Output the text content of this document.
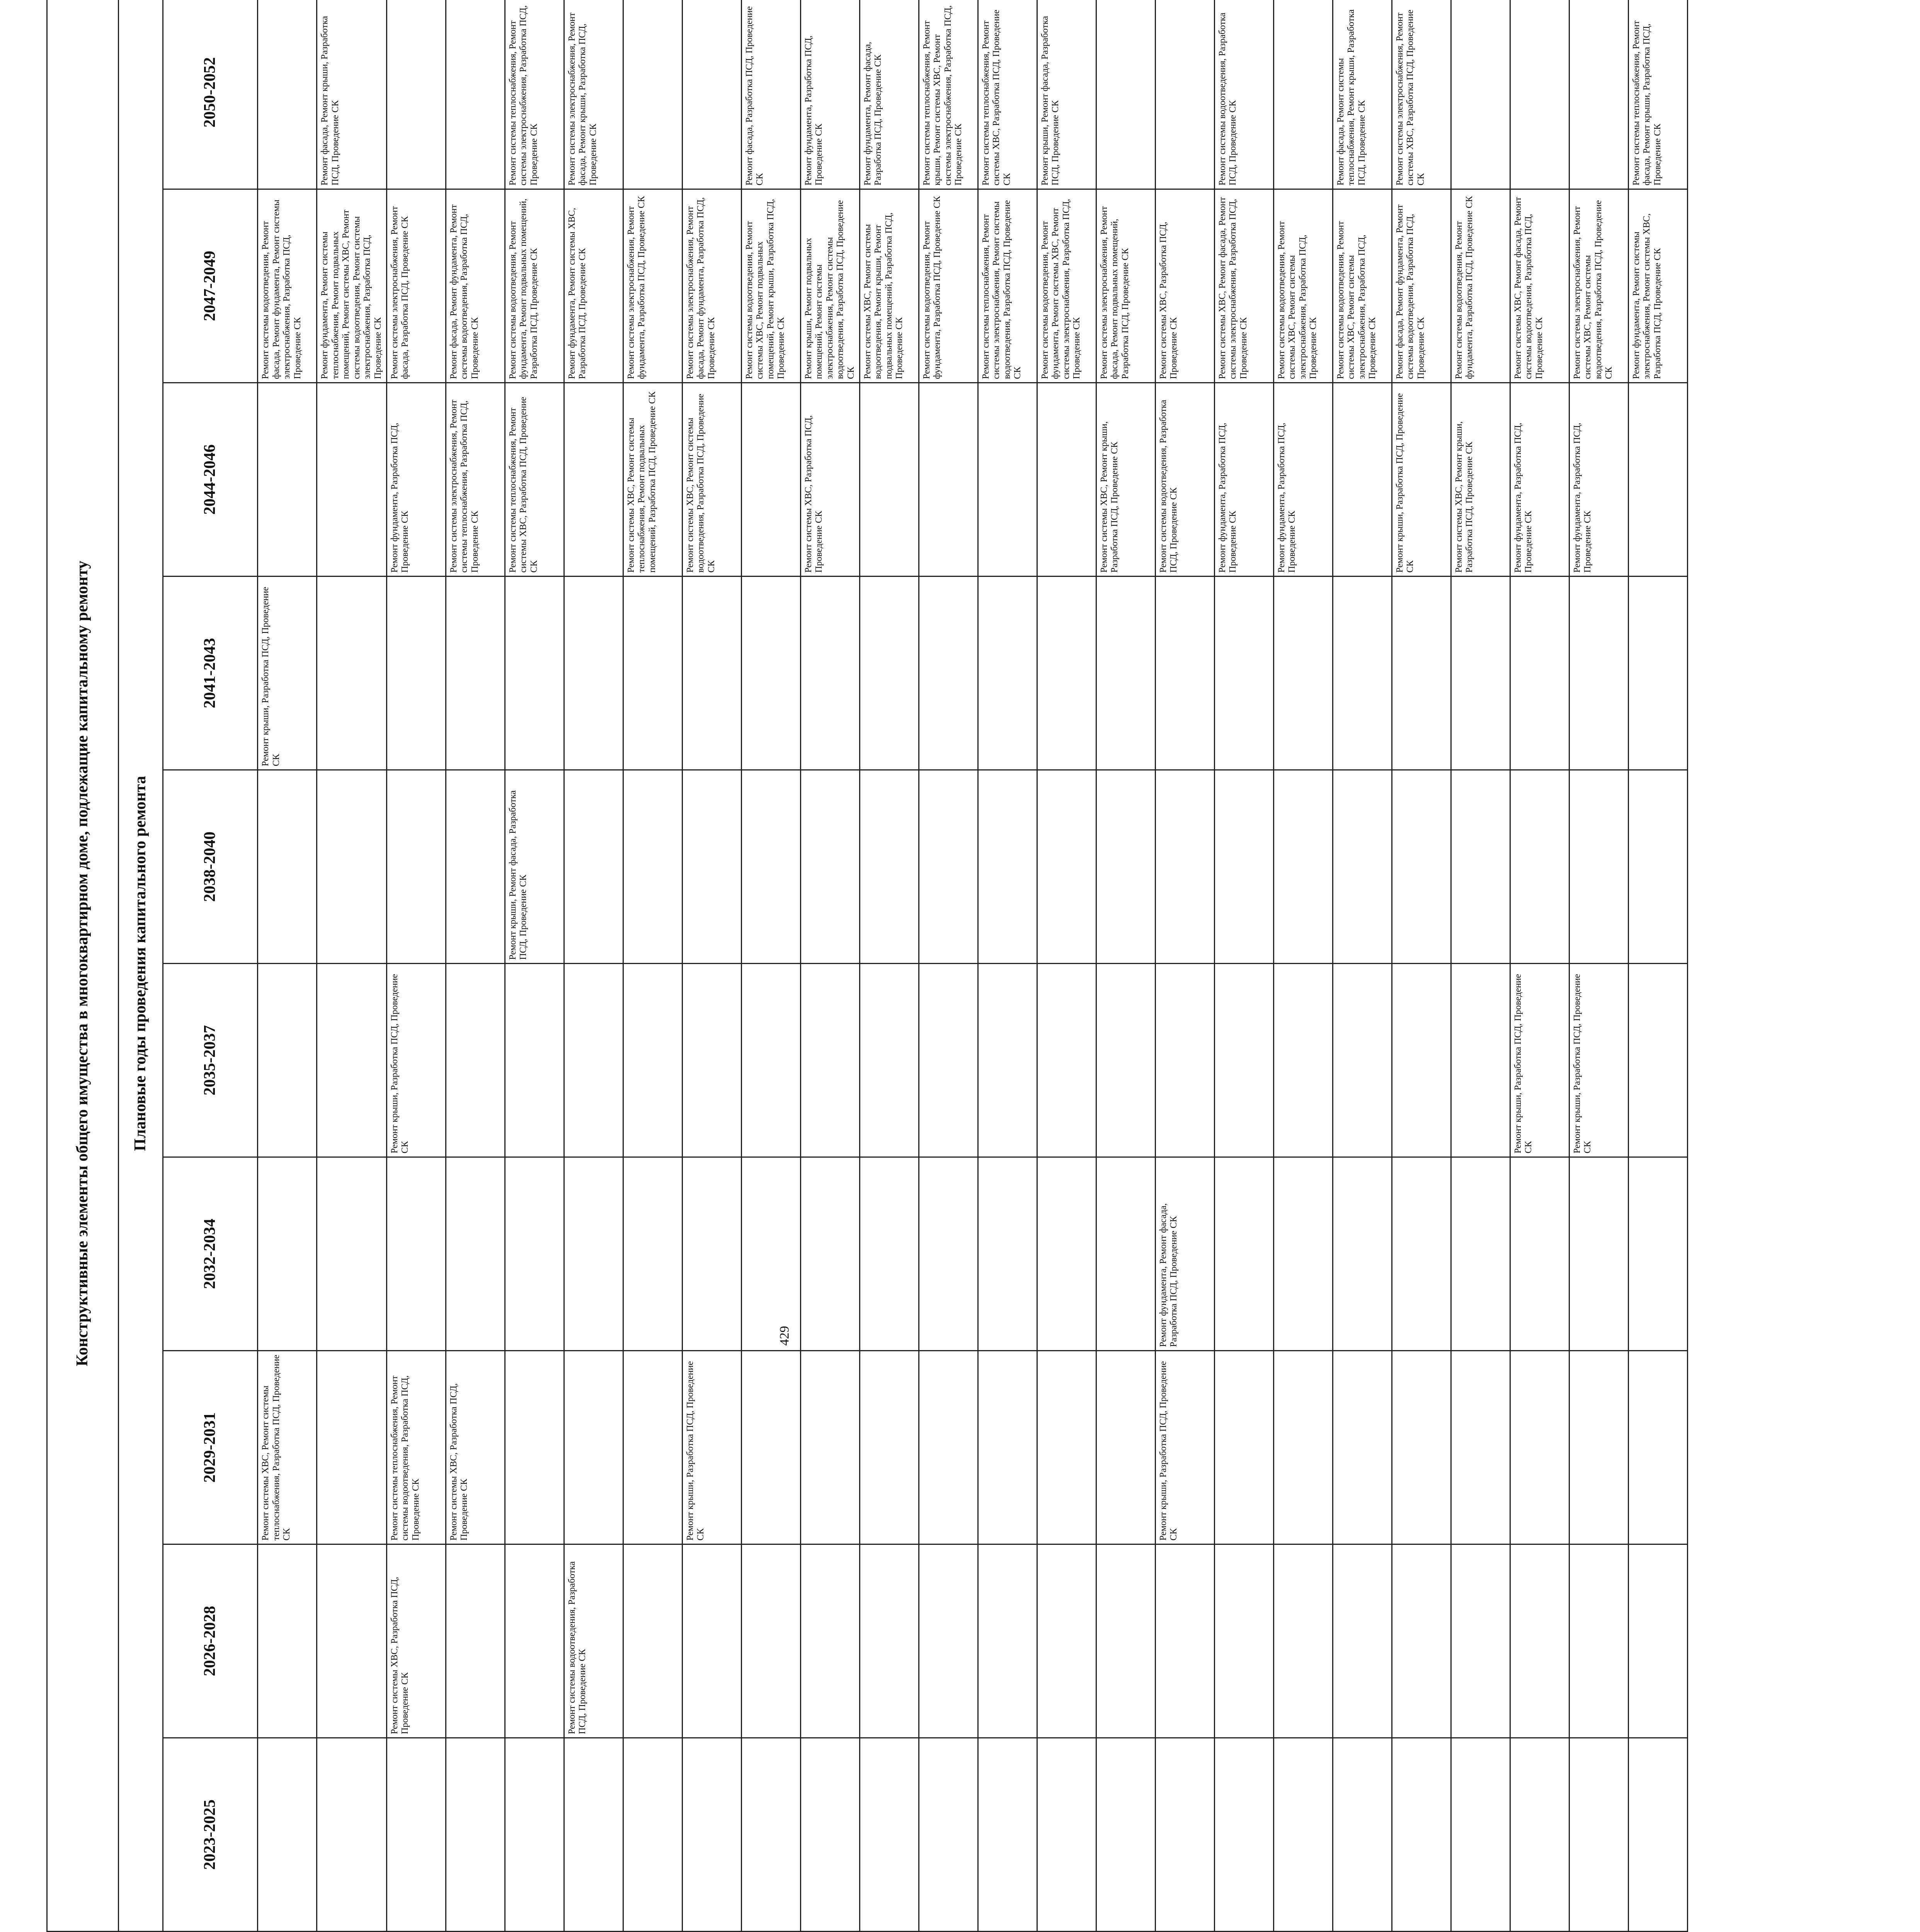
429
									Конструктивные элементы общего имущества в многоквартирном доме, подлежащие капитальному ремонту									
									Плановые годы проведения капитального ремонта									
									2023-2025	2026-2028	2029-2031	2032-2034	2035-2037	2038-2040	2041-2043	2044-2046	2047-2049	2050-2052
											Ремонт системы ХВС, Ремонт системы теплоснабжения, Разработка ПСД, Проведение СК				Ремонт крыши, Разработка ПСД, Проведение СК		Ремонт системы водоотведения, Ремонт фасада, Ремонт фундамента, Ремонт системы электроснабжения, Разработка ПСД, Проведение СК	
																	Ремонт фундамента, Ремонт системы теплоснабжения, Ремонт подвальных помещений, Ремонт системы ХВС, Ремонт системы водоотведения, Ремонт системы электроснабжения, Разработка ПСД, Проведение СК	Ремонт фасада, Ремонт крыши, Разработка ПСД, Проведение СК
										Ремонт системы ХВС, Разработка ПСД, Проведение СК	Ремонт системы теплоснабжения, Ремонт системы водоотведения, Разработка ПСД, Проведение СК		Ремонт крыши, Разработка ПСД, Проведение СК			Ремонт фундамента, Разработка ПСД, Проведение СК	Ремонт системы электроснабжения, Ремонт фасада, Разработка ПСД, Проведение СК	
											Ремонт системы ХВС, Разработка ПСД, Проведение СК					Ремонт системы электроснабжения, Ремонт системы теплоснабжения, Разработка ПСД, Проведение СК	Ремонт фасада, Ремонт фундамента, Ремонт системы водоотведения, Разработка ПСД, Проведение СК	
														Ремонт крыши, Ремонт фасада, Разработка ПСД, Проведение СК		Ремонт системы теплоснабжения, Ремонт системы ХВС, Разработка ПСД, Проведение СК	Ремонт системы водоотведения, Ремонт фундамента, Ремонт подвальных помещений, Разработка ПСД, Проведение СК	Ремонт системы теплоснабжения, Ремонт системы электроснабжения, Разработка ПСД, Проведение СК
										Ремонт системы водоотведения, Разработка ПСД, Проведение СК							Ремонт фундамента, Ремонт системы ХВС, Разработка ПСД, Проведение СК	Ремонт системы электроснабжения, Ремонт фасада, Ремонт крыши, Разработка ПСД, Проведение СК
																Ремонт системы ХВС, Ремонт системы теплоснабжения, Ремонт подвальных помещений, Разработка ПСД, Проведение СК	Ремонт системы электроснабжения, Ремонт фундамента, Разработка ПСД, Проведение СК	
											Ремонт крыши, Разработка ПСД, Проведение СК					Ремонт системы ХВС, Ремонт системы водоотведения, Разработка ПСД, Проведение СК	Ремонт системы электроснабжения, Ремонт фасада, Ремонт фундамента, Разработка ПСД, Проведение СК	
																	Ремонт системы водоотведения, Ремонт системы ХВС, Ремонт подвальных помещений, Ремонт крыши, Разработка ПСД, Проведение СК	Ремонт фасада, Разработка ПСД, Проведение СК
																Ремонт системы ХВС, Разработка ПСД, Проведение СК	Ремонт крыши, Ремонт подвальных помещений, Ремонт системы электроснабжения, Ремонт системы водоотведения, Разработка ПСД, Проведение СК	Ремонт фундамента, Разработка ПСД, Проведение СК
																	Ремонт системы ХВС, Ремонт системы водоотведения, Ремонт крыши, Ремонт подвальных помещений, Разработка ПСД, Проведение СК	Ремонт фундамента, Ремонт фасада, Разработка ПСД, Проведение СК
																	Ремонт системы водоотведения, Ремонт фундамента, Разработка ПСД, Проведение СК	Ремонт системы теплоснабжения, Ремонт крыши, Ремонт системы ХВС, Ремонт системы электроснабжения, Разработка ПСД, Проведение СК
																	Ремонт системы теплоснабжения, Ремонт системы электроснабжения, Ремонт системы водоотведения, Разработка ПСД, Проведение СК	Ремонт системы теплоснабжения, Ремонт системы ХВС, Разработка ПСД, Проведение СК
																	Ремонт системы водоотведения, Ремонт фундамента, Ремонт системы ХВС, Ремонт системы электроснабжения, Разработка ПСД, Проведение СК	Ремонт крыши, Ремонт фасада, Разработка ПСД, Проведение СК
																Ремонт системы ХВС, Ремонт крыши, Разработка ПСД, Проведение СК	Ремонт системы электроснабжения, Ремонт фасада, Ремонт подвальных помещений, Разработка ПСД, Проведение СК	
											Ремонт крыши, Разработка ПСД, Проведение СК	Ремонт фундамента, Ремонт фасада, Разработка ПСД, Проведение СК				Ремонт системы водоотведения, Разработка ПСД, Проведение СК	Ремонт системы ХВС, Разработка ПСД, Проведение СК	
																Ремонт фундамента, Разработка ПСД, Проведение СК	Ремонт системы ХВС, Ремонт фасада, Ремонт системы электроснабжения, Разработка ПСД, Проведение СК	Ремонт системы водоотведения, Разработка ПСД, Проведение СК
																Ремонт фундамента, Разработка ПСД, Проведение СК	Ремонт системы водоотведения, Ремонт системы ХВС, Ремонт системы электроснабжения, Разработка ПСД, Проведение СК	
																	Ремонт системы водоотведения, Ремонт системы ХВС, Ремонт системы электроснабжения, Разработка ПСД, Проведение СК	Ремонт фасада, Ремонт системы теплоснабжения, Ремонт крыши, Разработка ПСД, Проведение СК
																Ремонт крыши, Разработка ПСД, Проведение СК	Ремонт фасада, Ремонт фундамента, Ремонт системы водоотведения, Разработка ПСД, Проведение СК	Ремонт системы электроснабжения, Ремонт системы ХВС, Разработка ПСД, Проведение СК
																Ремонт системы ХВС, Ремонт крыши, Разработка ПСД, Проведение СК	Ремонт системы водоотведения, Ремонт фундамента, Разработка ПСД, Проведение СК	
													Ремонт крыши, Разработка ПСД, Проведение СК			Ремонт фундамента, Разработка ПСД, Проведение СК	Ремонт системы ХВС, Ремонт фасада, Ремонт системы водоотведения, Разработка ПСД, Проведение СК	
													Ремонт крыши, Разработка ПСД, Проведение СК			Ремонт фундамента, Разработка ПСД, Проведение СК	Ремонт системы электроснабжения, Ремонт системы ХВС, Ремонт системы водоотведения, Разработка ПСД, Проведение СК	
																	Ремонт фундамента, Ремонт системы электроснабжения, Ремонт системы ХВС, Разработка ПСД, Проведение СК	Ремонт системы теплоснабжения, Ремонт фасада, Ремонт крыши, Разработка ПСД, Проведение СК
